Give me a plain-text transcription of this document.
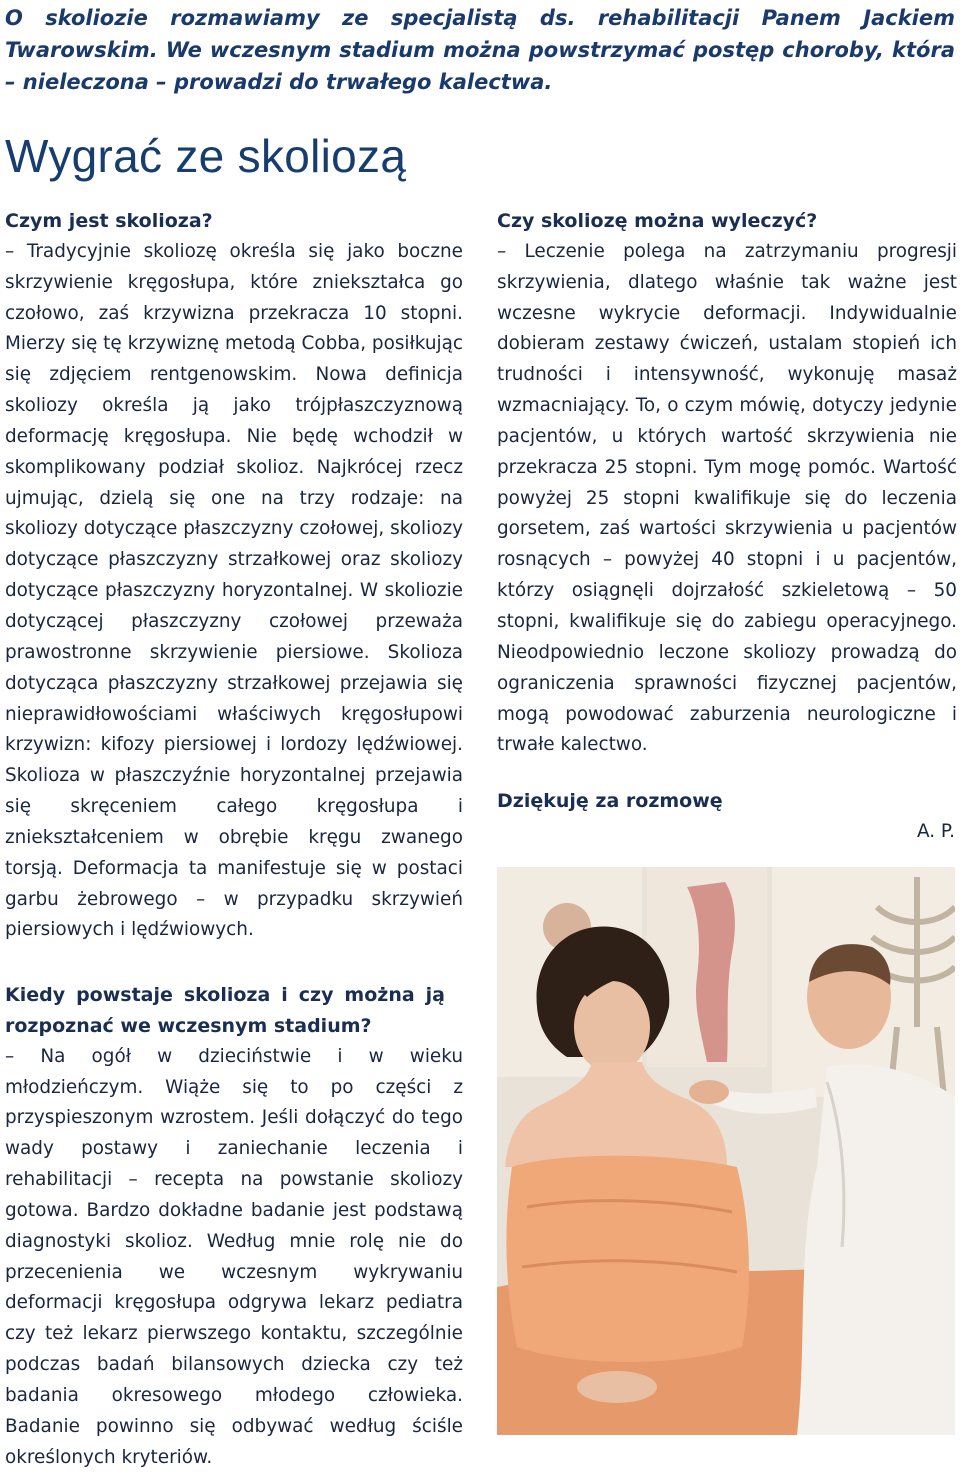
O skoliozie rozmawiamy ze specjalistą ds. rehabilitacji Panem Jackiem Twarowskim. We wczesnym stadium można powstrzymać postęp choroby, która – nieleczona – prowadzi do trwałego kalectwa.
Wygrać ze skoliozą
Czym jest skolioza?

– Tradycyjnie skoliozę określa się jako boczne skrzywienie kręgosłupa, które zniekształca go czołowo, zaś krzywizna przekracza 10 stopni. Mierzy się tę krzywiznę metodą Cobba, posiłkując się zdjęciem rentgenowskim. Nowa definicja skoliozy określa ją jako trójpłaszczyznową deformację kręgosłupa. Nie będę wchodził w skomplikowany podział skolioz. Najkrócej rzecz ujmując, dzielą się one na trzy rodzaje: na skoliozy dotyczące płaszczyzny czołowej, skoliozy dotyczące płaszczyzny strzałkowej oraz skoliozy dotyczące płaszczyzny horyzontalnej. W skoliozie dotyczącej płaszczyzny czołowej przeważa prawostronne skrzywienie piersiowe. Skolioza dotycząca płaszczyzny strzałkowej przejawia się nieprawidłowościami właściwych kręgosłupowi krzywizn: kifozy piersiowej i lordozy lędźwiowej. Skolioza w płaszczyźnie horyzontalnej przejawia się skręceniem całego kręgosłupa i zniekształceniem w obrębie kręgu zwanego torsją. Deformacja ta manifestuje się w postaci garbu żebrowego – w przypadku skrzywień piersiowych i lędźwiowych.

Kiedy powstaje skolioza i czy można ją rozpoznać we wczesnym stadium?

– Na ogół w dzieciństwie i w wieku młodzieńczym. Wiąże się to po części z przyspieszonym wzrostem. Jeśli dołączyć do tego wady postawy i zaniechanie leczenia i rehabilitacji – recepta na powstanie skoliozy gotowa. Bardzo dokładne badanie jest podstawą diagnostyki skolioz. Według mnie rolę nie do przecenienia we wczesnym wykrywaniu deformacji kręgosłupa odgrywa lekarz pediatra czy też lekarz pierwszego kontaktu, szczególnie podczas badań bilansowych dziecka czy też badania okresowego młodego człowieka. Badanie powinno się odbywać według ściśle określonych kryteriów.

Czy skoliozę można wyleczyć?

– Leczenie polega na zatrzymaniu progresji skrzywienia, dlatego właśnie tak ważne jest wczesne wykrycie deformacji. Indywidualnie dobieram zestawy ćwiczeń, ustalam stopień ich trudności i intensywność, wykonuję masaż wzmacniający. To, o czym mówię, dotyczy jedynie pacjentów, u których wartość skrzywienia nie przekracza 25 stopni. Tym mogę pomóc. Wartość powyżej 25 stopni kwalifikuje się do leczenia gorsetem, zaś wartości skrzywienia u pacjentów rosnących – powyżej 40 stopni i u pacjentów, którzy osiągnęli dojrzałość szkieletową – 50 stopni, kwalifikuje się do zabiegu operacyjnego. Nieodpowiednio leczone skoliozy prowadzą do ograniczenia sprawności fizycznej pacjentów, mogą powodować zaburzenia neurologiczne i trwałe kalectwo.

Dziękuję za rozmowę
A. P.
